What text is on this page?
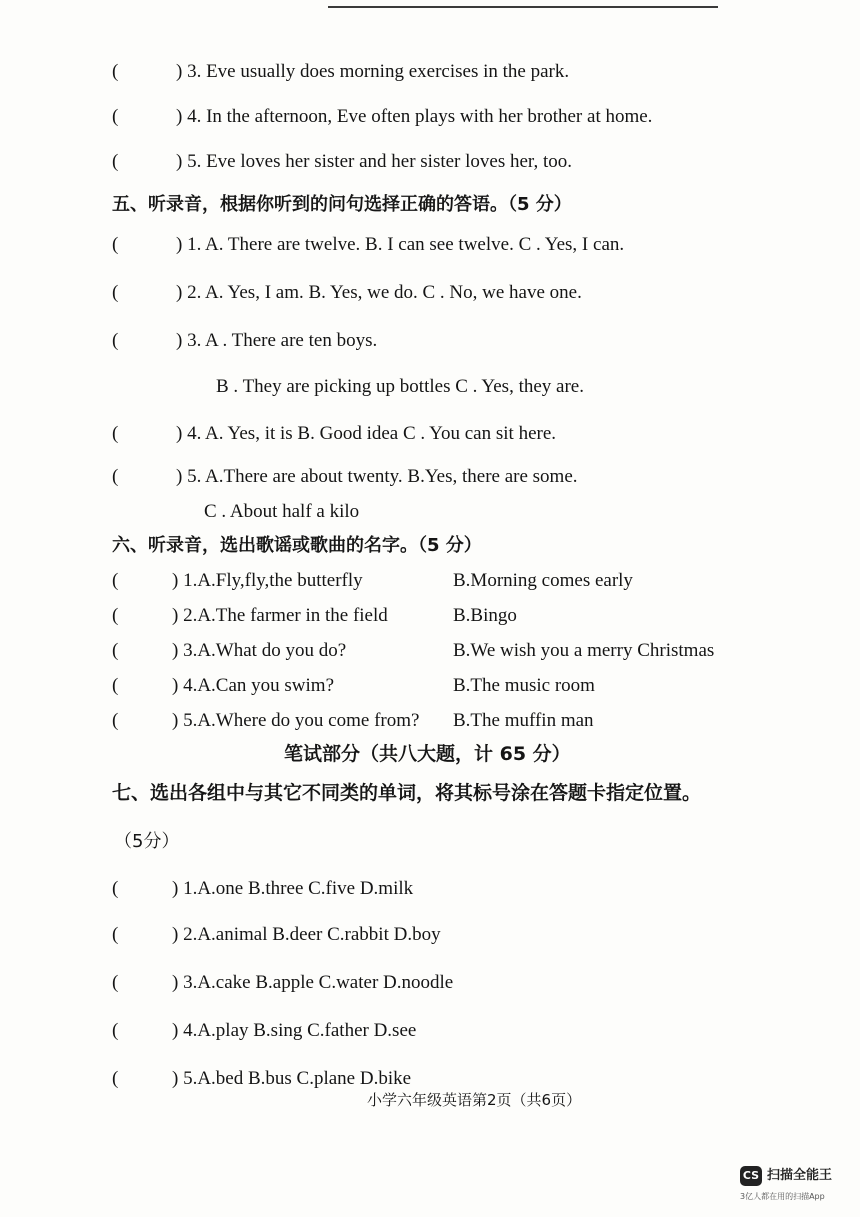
(	) 3. Eve usually does morning exercises in the park.
(	) 4. In the afternoon, Eve often plays with her brother at home.
(	) 5. Eve loves her sister and her sister loves her, too.
五、听录音，根据你听到的问句选择正确的答语。（5 分）
(	) 1. A. There are twelve. B. I can see twelve. C . Yes, I can.
(	) 2. A. Yes, I am. B. Yes, we do. C . No, we have one.
(	) 3. A . There are ten boys.
B . They are picking up bottles C . Yes, they are.
(	) 4. A. Yes, it is B. Good idea C . You can sit here.
(	) 5. A.There are about twenty. B.Yes, there are some.
C . About half a kilo
六、听录音，选出歌谣或歌曲的名字。（5 分）
(	) 1.A.Fly,fly,the butterfly	B.Morning comes early
(	) 2.A.The farmer in the field	B.Bingo
(	) 3.A.What do you do?	B.We wish you a merry Christmas
(	) 4.A.Can you swim?	B.The music room
(	) 5.A.Where do you come from? B.The muffin man
笔试部分（共八大题，计 65 分）
七、选出各组中与其它不同类的单词，将其标号涂在答题卡指定位置。
（5分）
(	) 1.A.one B.three C.five D.milk
(	) 2.A.animal B.deer C.rabbit D.boy
(	) 3.A.cake B.apple C.water D.noodle
(	) 4.A.play B.sing C.father D.see
(	) 5.A.bed B.bus C.plane D.bike
小学六年级英语第2页（共6页）
CS 扫描全能王
3亿人都在用的扫描App
